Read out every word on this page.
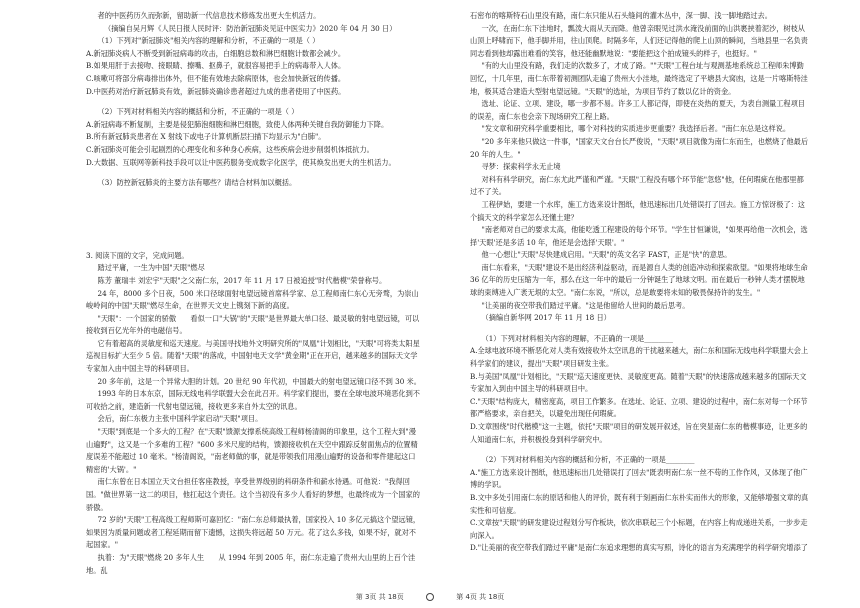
者的中医药历久而弥新，留助新一代信息技术修炼发出更大生机活力。

（摘编自吴月辉《人民日报人民时评：防治新冠肺炎见证中医实力》2020 年 04 月 30 日）

（1）下列对"新冠肺炎"相关内容的理解和分析，不正确的一项是（ ）

A.新冠肺炎病人不断受到新冠病毒的攻击，白细胞总数和淋巴细胞计数都会减少。

B.如果用肝于去接吻、接眼睛、擦嘴、抠鼻子，就很容易把手上的病毒带入人体。

C.咳嗽可将部分病毒排出体外，但不能有效地去除病原体，也会加快新冠的传播。

D.中医药对治疗新冠肺炎有效，新冠肺炎确诊患者超过九成的患者使用了中医药。

（2）下列对材料相关内容的概括和分析，不正确的一项是（ ）

A.新冠病毒不断复制，主要是侵犯肺泡细胞和淋巴细胞，致使人体两种关键自我防御能力下降。

B.所有新冠肺炎患者在 X 射线下或电子计算机断层扫描下均显示为"白肺"。

C.新冠肺炎可能会引起剧烈的心理变化和多种身心疾病，这些疾病会进步削弱机体抵抗力。

D.大数据、互联网等新科技手段可以让中医药服务变成数字化医学，使其焕发出更大的生机活力。

（3）防控新冠肺炎的主要方法有哪些？请结合材料加以概括。

3. 阅读下面的文字，完成问题。

踏过平庸，一生为中国"天眼"燃尽

陈芳 董瑞丰 刘宏宇"天眼"之父南仁东，2017 年 11 月 17 日被追授"时代楷模"荣誉称号。

24 年，8000 多个日夜，500 米口径球面射电望远镜首席科学家、总工程师南仁东心无旁骛，为崇山峻岭间的中国"天眼"燃尽生命，在世界天文史上镌刻下新的高度。

"天眼"：一个国家的骄傲　　看似一口"大锅"的"天眼"是世界最大单口径、最灵敏的射电望远镜，可以接收到百亿光年外的电磁信号。

它有着超高的灵敏度和巡天速度。与美国寻找地外文明研究所的"凤凰"计划相比，"天眼"可将类太阳星巡视目标扩大至少 5 倍。随着"天眼"的落成，中国射电天文学"黄金期"正在开启，越来越多的国际天文学专家加入由中国主导的科研项目。

20 多年前，这是一个异常大胆的计划。20 世纪 90 年代初，中国最大的射电望远镜口径不到 30 米。

1993 年的日本东京，国际无线电科学联盟大会在此召开。科学家们提出，要在全球电波环境恶化到不可收拾之前，建造新一代射电望远镜，接收更多来自外太空的讯息。

会后，南仁东极力主张中国科学家启动"天眼"项目。

"天眼"到底是一个多大的工程？在"天眼"馈源支撑系统高级工程师杨清阁的印象里，这个工程大到"漫山遍野"，这又是一个多难的工程？"600 多米尺度的结构，馈源接收机在天空中跟踪反射面焦点的位置精度误差不能超过 10 毫米。"杨清阁说，"南老师做的事，就是带领我们用漫山遍野的设备和零件建起这口精密的'大锅'。"

南仁东曾在日本国立天文台担任客座教授，享受世界级别的科研条件和薪水待遇。可他说："我得回国。"做世界第一这二的项目，他扛起这个责任。这个当初没有多少人看好的梦想，也最终成为一个国家的骄傲。

72 岁的"天眼"工程高级工程师斯可嘉回忆："南仁东总师最执着，国家投入 10 多亿元搞这个望远镜，如果因为质量问题或者工程延期而留下遗憾，这损失将远超 50 万元。花了这么多钱，如果不好，就对不起国家。"

执着：为"天眼"燃烧 20 多年人生　　从 1994 年到 2005 年，南仁东走遍了贵州大山里的上百个洼地。乱

石密布的喀斯特石山里没有路，南仁东只能从石头缝间的灌木丛中，深一脚、浅一脚地踏过去。

一次，在南仁东下洼地时，瓢泼大雨从天而降。他曾亲眼见过洪水淹没前面的山洪裹挟着泥沙，树枝从山顶上呼啸而下，他手脚并用，往山顶爬。时隔多年，人们还记得他的爬上山顶的瞬间，当地县里一名负责同志看到他却露出难看的笑容，他还能幽默地说："要能把这个拍成镜头的样子，也挺好。"

"有的大山里没有路，我们走的次数多了，才成了路。""天眼"工程台址与观测基地系统总工程师朱博勤回忆，十几年里，南仁东带着初测团队走遍了贵州大小洼地，最终选定了平塘县大窝凼，这是一片喀斯特洼地，极其适合建造大型射电望远镜。"天眼"的选址，为项目节约了数以亿计的资金。

选址、论证、立项、建设，哪一步都不易。许多工人都记得，即使在炎热的夏天，为表自测量工程项目的误差，南仁东也会亲下现场研究工程上路。

"发文章和研究科学重要相比，哪个对科技的实质进步更重要？我选择后者。"南仁东总是这样说。

"20 多年来他只做这一件事，"国家天文台台长严俊说，"天眼"项目就像为南仁东而生，也燃烧了他最后 20 年的人生。"

寻梦：探索科学永无止境

对科有科学研究，南仁东尤此严谨和严谨。"天眼"工程没有哪个环节能"忽悠"他，任何瑕疵在他那里都过不了关。

工程伊始，要建一个水库，施工方选来设计图纸，他迅速标出几处错误打了回去。施工方惊讶极了：这个搞天文的科学家怎么还懂土建？

"南老师对自己的要求太高，他能吃透工程建设的每个环节。"学生甘恒谦说，"如果再给他一次机会，选择'天眼'还是多活 10 年，他还是会选择'天眼'。"

他一心想让"天眼"尽快建成启用。"天眼"的英文名字 FAST，正是"快"的意思。

南仁东看来，"天眼"建设不是出经济利益驱动，而是源自人类的创造冲动和探索欲望。"如果将地球生命 36 亿年的历史压缩为一年，那么在这一年中的最后一分钟诞生了地球文明。而在最后一秒钟人类才摆脱地球的束缚进入广袤无垠的太空。"南仁东说，"所以，总是敢要将未知的敬畏保持许的发生。"

"让美丽的夜空带我们踏过平庸。"这是他留给人世间的最后思考。

（摘编自新华网 2017 年 11 月 18 日）

（1）下列对材料相关内容的理解，不正确的一项是________

A.全球电波环境不断恶化对人类有效接收外太空讯息的干扰越来越大，南仁东和国际无线电科学联盟大会上科学家们的建议，提出"天眼"项目研发主张。

B.与美国"凤凰"计划相比，"天眼"巡天速度更快、灵敏度更高。随着"天眼"的快速落成越来越多的国际天文专家加入到由中国主导的科研项目中。

C."天眼"结构庞大，精密度高，项目工作繁多。在选址、论证、立项、建设的过程中，南仁东对每一个环节都严格要求，亲自把关，以避免出现任何瑕疵。

D.文章围绕"时代楷模"这一主题，依托"天眼"项目的研发展开叙述，旨在突显南仁东的楷模事迹，让更多的人知道南仁东，并积极投身到科学研究中。

（2）下列对材料相关内容的概括和分析，不正确的一项是________

A."施工方选来设计图纸，他迅速标出几处错误打了回去"既表明南仁东一丝不苟的工作作风，又体现了他广博的学识。

B.文中多处引用南仁东的原话和他人的评价，既有利于刻画南仁东朴实而伟大的形象，又能够增强文章的真实性和可信度。

C.文章按"天眼"的研发建设过程划分写作板块，依次串联起三个小标题，在内容上构成递进关系，一步步走向深入。

D."让美丽的夜空带我们踏过平庸"是南仁东追求理想的真实写照，诗化的语言为充满理学的科学研究增添了

第 3页 共 18页	第 4页 共 18页
